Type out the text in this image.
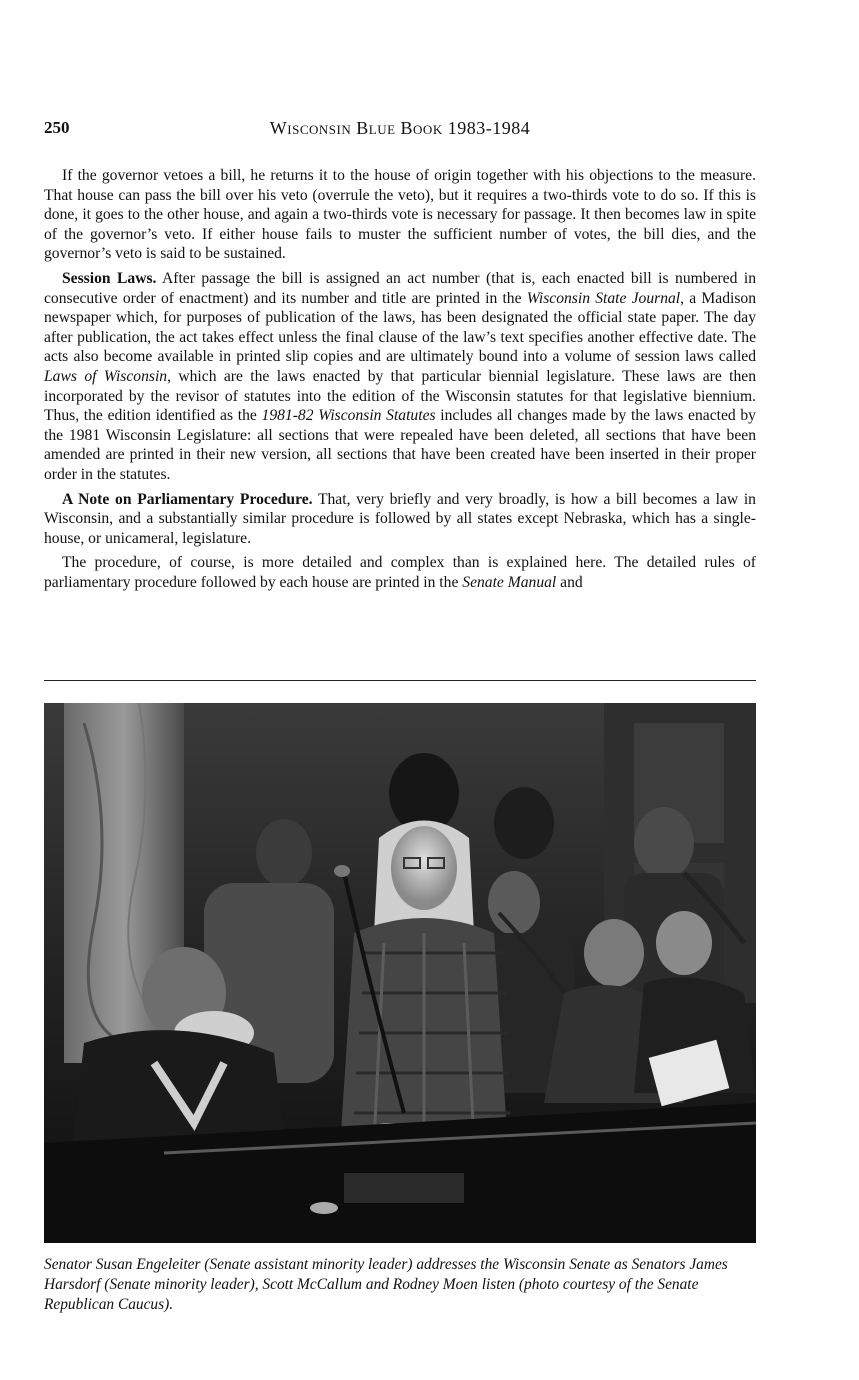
250	Wisconsin Blue Book 1983-1984

If the governor vetoes a bill, he returns it to the house of origin together with his objections to the measure. That house can pass the bill over his veto (overrule the veto), but it requires a two-thirds vote to do so. If this is done, it goes to the other house, and again a two-thirds vote is necessary for passage. It then becomes law in spite of the governor’s veto. If either house fails to muster the sufficient number of votes, the bill dies, and the governor’s veto is said to be sustained.

Session Laws. After passage the bill is assigned an act number (that is, each enacted bill is numbered in consecutive order of enactment) and its number and title are printed in the Wisconsin State Journal, a Madison newspaper which, for purposes of publication of the laws, has been designated the official state paper. The day after publication, the act takes effect unless the final clause of the law’s text specifies another effective date. The acts also become available in printed slip copies and are ultimately bound into a volume of session laws called Laws of Wisconsin, which are the laws enacted by that particular biennial legislature. These laws are then incorporated by the revisor of statutes into the edition of the Wisconsin statutes for that legislative biennium. Thus, the edition identified as the 1981-82 Wisconsin Statutes includes all changes made by the laws enacted by the 1981 Wisconsin Legislature: all sections that were repealed have been deleted, all sections that have been amended are printed in their new version, all sections that have been created have been inserted in their proper order in the statutes.

A Note on Parliamentary Procedure. That, very briefly and very broadly, is how a bill becomes a law in Wisconsin, and a substantially similar procedure is followed by all states except Nebraska, which has a single-house, or unicameral, legislature.

The procedure, of course, is more detailed and complex than is explained here. The detailed rules of parliamentary procedure followed by each house are printed in the Senate Manual and

Senator Susan Engeleiter (Senate assistant minority leader) addresses the Wisconsin Senate as Senators James Harsdorf (Senate minority leader), Scott McCallum and Rodney Moen listen (photo courtesy of the Senate Republican Caucus).
